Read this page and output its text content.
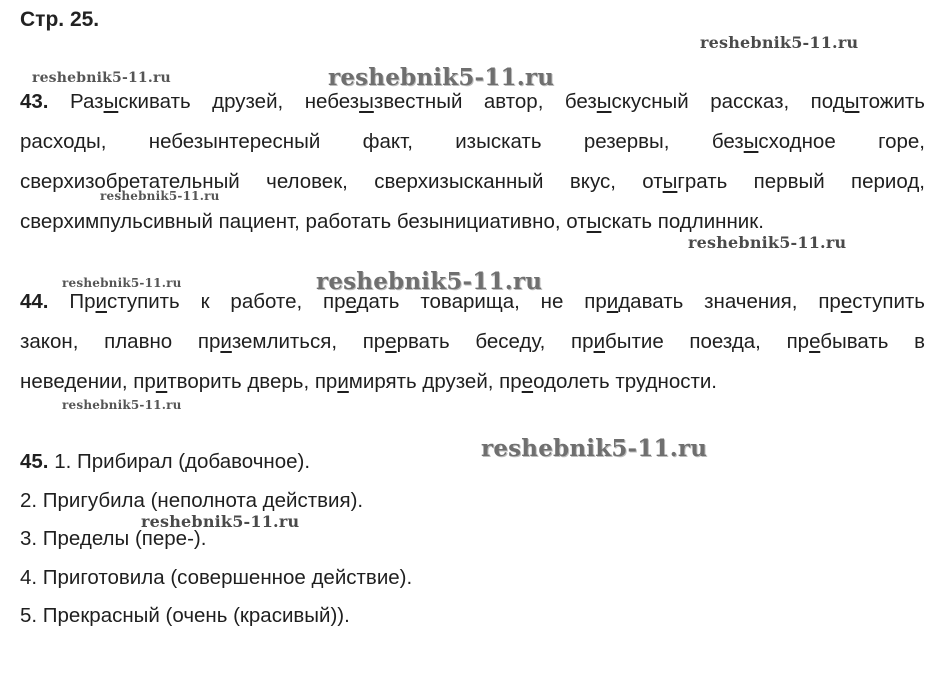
Стр. 25.
reshebnik5-11.ru
reshebnik5-11.ru	reshebnik5-11.ru
reshebnik5-11.ru
reshebnik5-11.ru
reshebnik5-11.ru	reshebnik5-11.ru
reshebnik5-11.ru
reshebnik5-11.ru
reshebnik5-11.ru
43. Разыскивать друзей, небезызвестный автор, безыскусный рассказ, подытожить
расходы, небезынтересный факт, изыскать резервы, безысходное горе,
сверхизобретательный человек, сверхизысканный вкус, отыграть первый период,
сверхимпульсивный пациент, работать безынициативно, отыскать подлинник.
44. Приступить к работе, предать товарища, не придавать значения, преступить
закон, плавно приземлиться, прервать беседу, прибытие поезда, пребывать в
неведении, притворить дверь, примирять друзей, преодолеть трудности.
45. 1. Прибирал (добавочное).
2. Пригубила (неполнота действия).
3. Пределы (пере-).
4. Приготовила (совершенное действие).
5. Прекрасный (очень (красивый)).
